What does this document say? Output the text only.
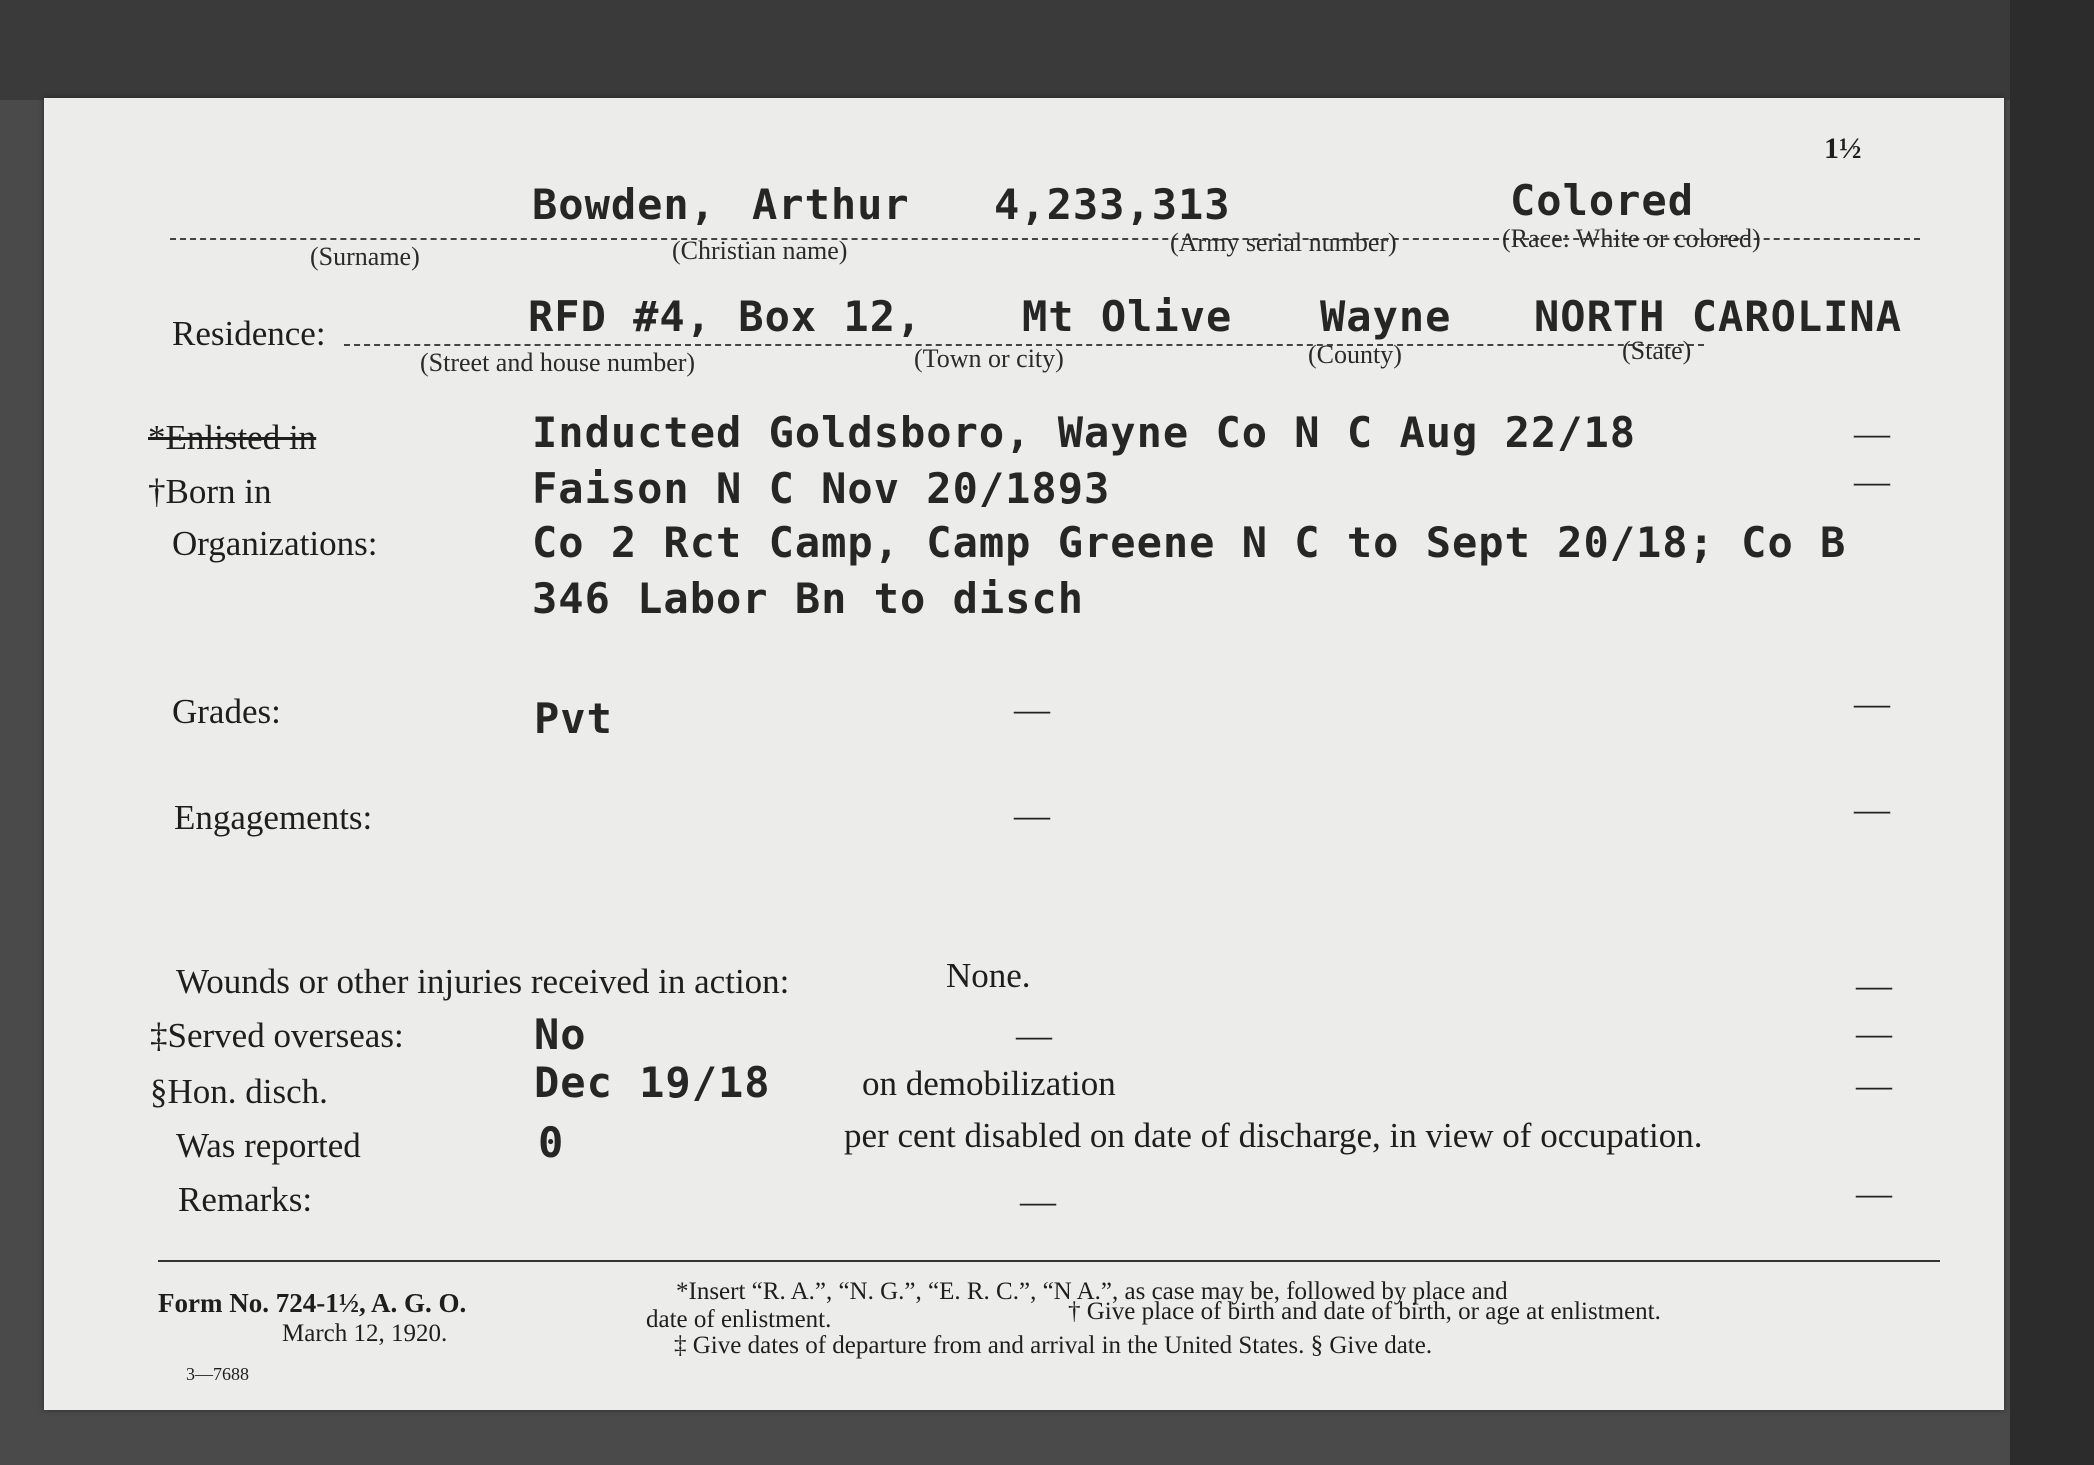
1½
Bowden, Arthur 4,233,313	Colored
(Surname)	(Christian name)	(Army serial number)	(Race: White or colored)
Residence:	RFD #4, Box 12, Mt Olive Wayne NORTH CAROLINA
(Street and house number)	(Town or city)	(County)	(State)
*Enlisted in	Inducted Goldsboro, Wayne Co N C Aug 22/18	—
†Born in	Faison N C Nov 20/1893	—
Organizations:	Co 2 Rct Camp, Camp Greene N C to Sept 20/18; Co B
346 Labor Bn to disch
Grades:	Pvt	—	—
Engagements:	—	—
Wounds or other injuries received in action:	None.	—
‡Served overseas:	No	—	—
§Hon. disch.	Dec 19/18	on demobilization	—
Was reported	0	per cent disabled on date of discharge, in view of occupation.
Remarks:	—	—
Form No. 724-1½, A. G. O.
March 12, 1920.
3—7688
*Insert “R. A.”, “N. G.”, “E. R. C.”, “N A.”, as case may be, followed by place and
date of enlistment.	† Give place of birth and date of birth, or age at enlistment.
‡ Give dates of departure from and arrival in the United States. § Give date.
